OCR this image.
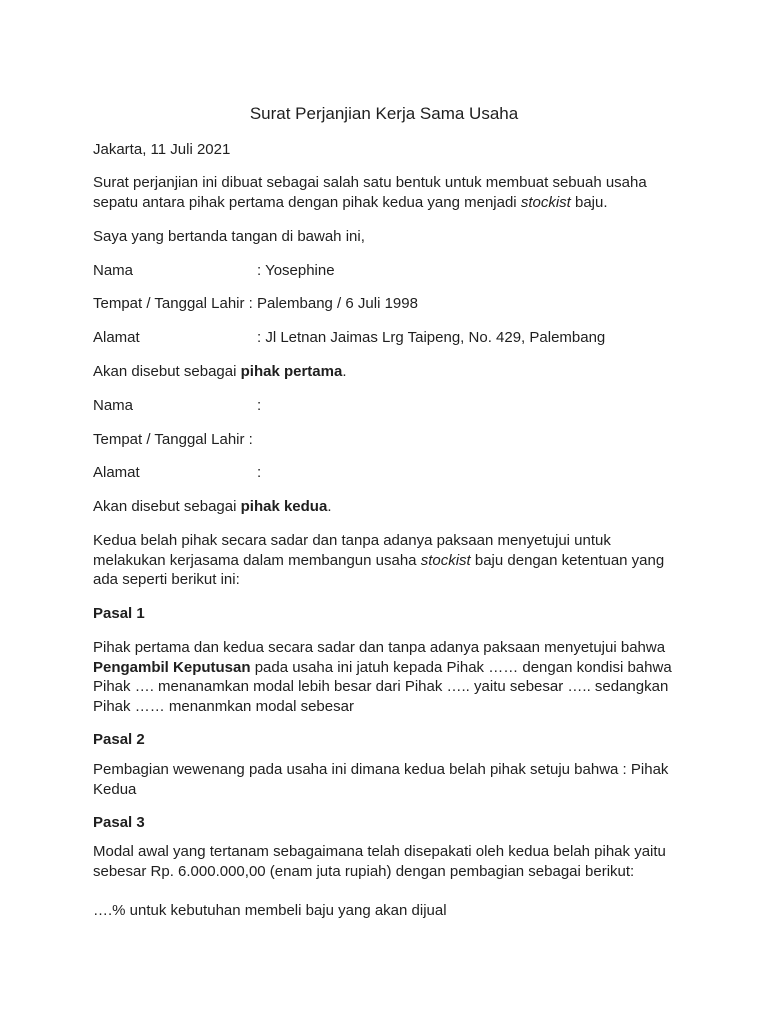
Surat Perjanjian Kerja Sama Usaha

Jakarta, 11 Juli 2021

Surat perjanjian ini dibuat sebagai salah satu bentuk untuk membuat sebuah usaha sepatu antara pihak pertama dengan pihak kedua yang menjadi stockist baju.

Saya yang bertanda tangan di bawah ini,

Nama	: Yosephine

Tempat / Tanggal Lahir : Palembang / 6 Juli 1998

Alamat	: Jl Letnan Jaimas Lrg Taipeng, No. 429, Palembang

Akan disebut sebagai pihak pertama.

Nama	:

Tempat / Tanggal Lahir :

Alamat	:

Akan disebut sebagai pihak kedua.

Kedua belah pihak secara sadar dan tanpa adanya paksaan menyetujui untuk melakukan kerjasama dalam membangun usaha stockist baju dengan ketentuan yang ada seperti berikut ini:

Pasal 1

Pihak pertama dan kedua secara sadar dan tanpa adanya paksaan menyetujui bahwa Pengambil Keputusan pada usaha ini jatuh kepada Pihak …… dengan kondisi bahwa Pihak …. menanamkan modal lebih besar dari Pihak ….. yaitu sebesar ….. sedangkan Pihak …… menanmkan modal sebesar

Pasal 2

Pembagian wewenang pada usaha ini dimana kedua belah pihak setuju bahwa : Pihak Kedua

Pasal 3

Modal awal yang tertanam sebagaimana telah disepakati oleh kedua belah pihak yaitu sebesar Rp. 6.000.000,00 (enam juta rupiah) dengan pembagian sebagai berikut:

….% untuk kebutuhan membeli baju yang akan dijual
